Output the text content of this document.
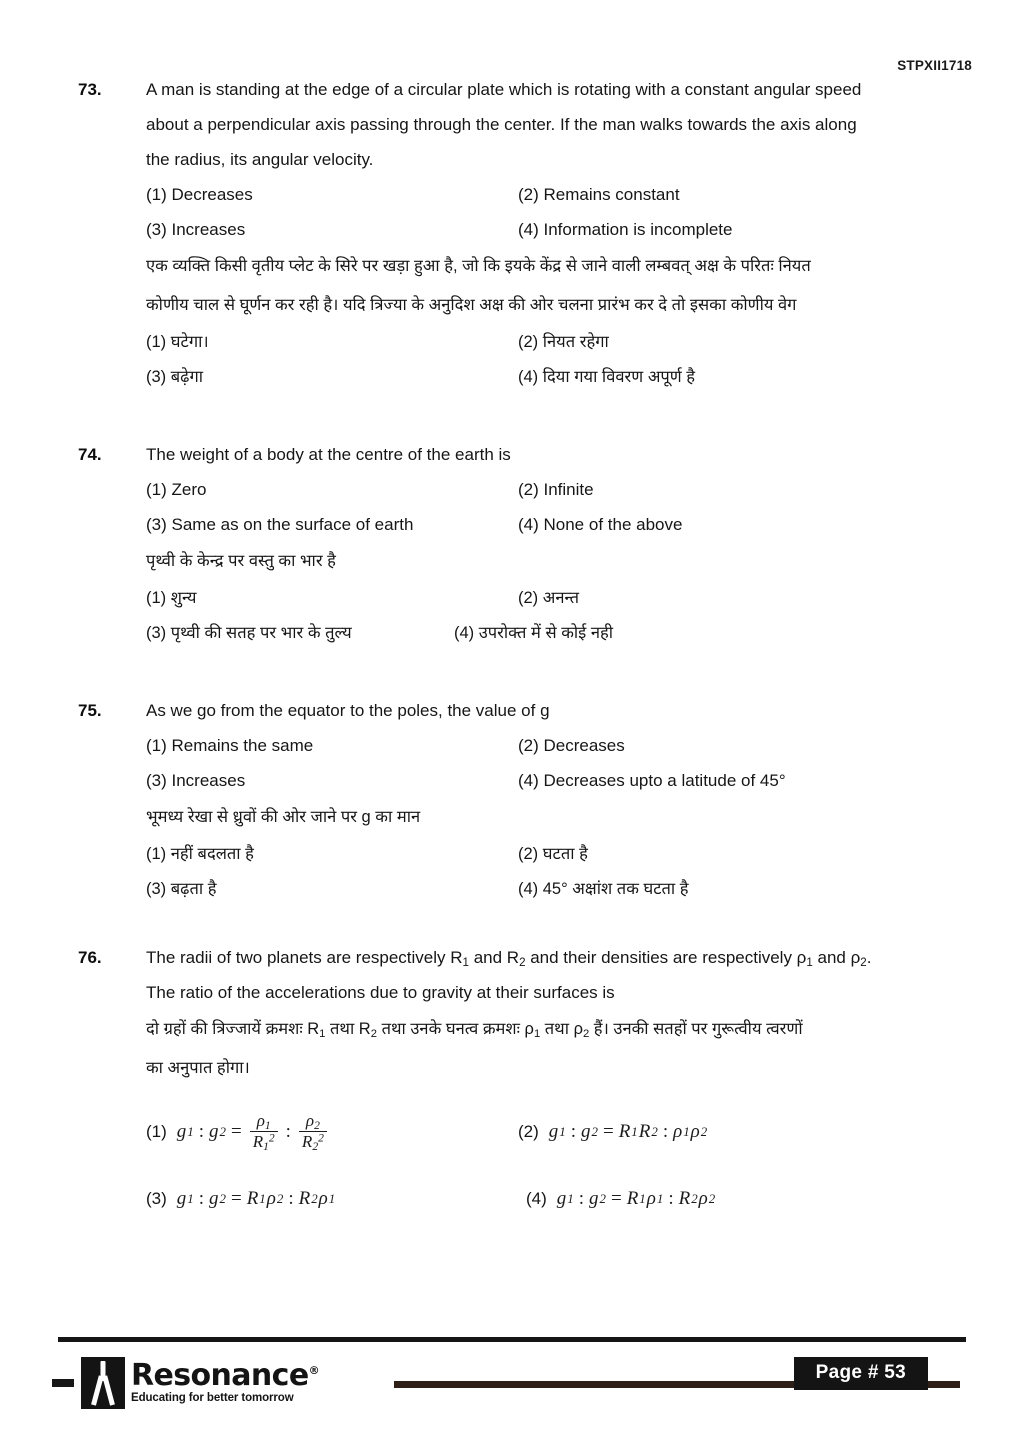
STPXII1718
73.	A man is standing at the edge of a circular plate which is rotating with a constant angular speed
about a perpendicular axis passing through the center. If the man walks towards the axis along
the radius, its angular velocity.
(1) Decreases	(2) Remains constant
(3) Increases	(4) Information is incomplete
एक व्यक्ति किसी वृतीय प्लेट के सिरे पर खड़ा हुआ है, जो कि इयके केंद्र से जाने वाली लम्बवत् अक्ष के परितः नियत
कोणीय चाल से घूर्णन कर रही है। यदि त्रिज्या के अनुदिश अक्ष की ओर चलना प्रारंभ कर दे तो इसका कोणीय वेग
(1) घटेगा।	(2) नियत रहेगा
(3) बढ़ेगा	(4) दिया गया विवरण अपूर्ण है
74.	The weight of a body at the centre of the earth is
(1) Zero	(2) Infinite
(3) Same as on the surface of earth	(4) None of the above
पृथ्वी के केन्द्र पर वस्तु का भार है
(1) शुन्य	(2) अनन्त
(3) पृथ्वी की सतह पर भार के तुल्य	(4) उपरोक्त में से कोई नही
75.	As we go from the equator to the poles, the value of g
(1) Remains the same	(2) Decreases
(3) Increases	(4) Decreases upto a latitude of 45°
भूमध्य रेखा से ध्रुवों की ओर जाने पर g का मान
(1) नहीं बदलता है	(2) घटता है
(3) बढ़ता है	(4) 45° अक्षांश तक घटता है
76.	The radii of two planets are respectively $R_1$ and $R_2$ and their densities are respectively $\rho_1$ and $\rho_2$.
The ratio of the accelerations due to gravity at their surfaces is
दो ग्रहों की त्रिज्जायें क्रमशः $R_1$ तथा $R_2$ तथा उनके घनत्व क्रमशः $\rho_1$ तथा $\rho_2$ हैं। उनकी सतहों पर गुरूत्वीय त्वरणों
का अनुपात होगा।
(1) g 1 : g $2 = \frac{\rho_1}{R_1^2}$ : $\frac{\rho_2}{R_2^2}$	(2) g 1 : g 2 = R 1 R 2 : ρ 1 ρ 2
(3) g 1 : g 2 = R 1 ρ 2 : R 2 ρ 1	(4) g 1 : g 2 = R 1 ρ 1 : R 2 ρ 2
Resonance®
Educating for better tomorrow
Page # 53
